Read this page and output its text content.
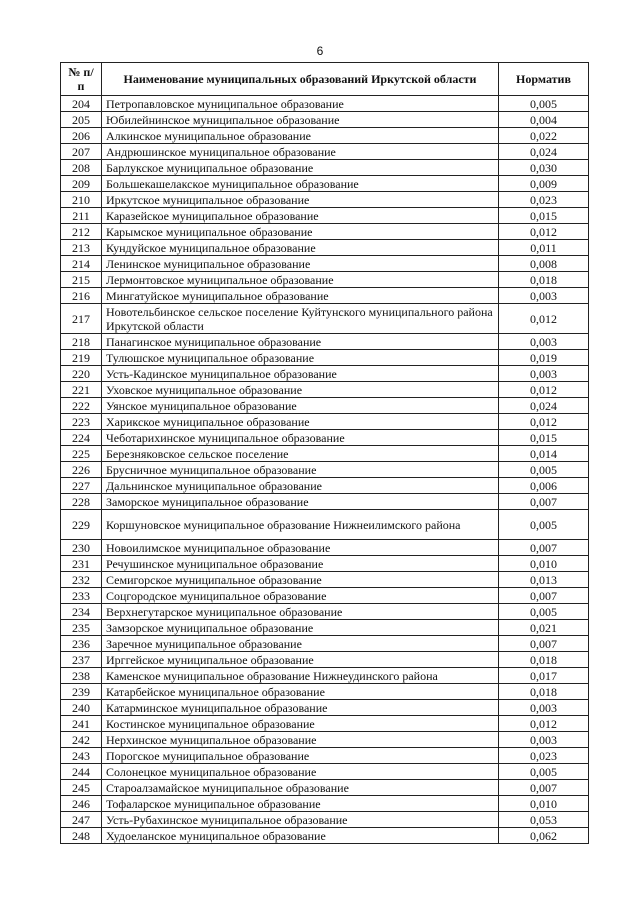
6
№ п/п	Наименование муниципальных образований Иркутской области	Норматив
204	Петропавловское муниципальное образование	0,005
205	Юбилейнинское муниципальное образование	0,004
206	Алкинское муниципальное образование	0,022
207	Андрюшинское муниципальное образование	0,024
208	Барлукское муниципальное образование	0,030
209	Большекашелакское муниципальное образование	0,009
210	Иркутское муниципальное образование	0,023
211	Каразейское муниципальное образование	0,015
212	Карымское муниципальное образование	0,012
213	Кундуйское муниципальное образование	0,011
214	Ленинское муниципальное образование	0,008
215	Лермонтовское муниципальное образование	0,018
216	Мингатуйское муниципальное образование	0,003
217	Новотельбинское сельское поселение Куйтунского муниципального района Иркутской области	0,012
218	Панагинское муниципальное образование	0,003
219	Тулюшское муниципальное образование	0,019
220	Усть-Кадинское муниципальное образование	0,003
221	Уховское муниципальное образование	0,012
222	Уянское муниципальное образование	0,024
223	Харикское муниципальное образование	0,012
224	Чеботарихинское муниципальное образование	0,015
225	Березняковское сельское поселение	0,014
226	Брусничное муниципальное образование	0,005
227	Дальнинское муниципальное образование	0,006
228	Заморское муниципальное образование	0,007
229	Коршуновское муниципальное образование Нижнеилимского района	0,005
230	Новоилимское муниципальное образование	0,007
231	Речушинское муниципальное образование	0,010
232	Семигорское муниципальное образование	0,013
233	Соцгородское муниципальное образование	0,007
234	Верхнегутарское муниципальное образование	0,005
235	Замзорское муниципальное образование	0,021
236	Заречное муниципальное образование	0,007
237	Ирггейское муниципальное образование	0,018
238	Каменское муниципальное образование Нижнеудинского района	0,017
239	Катарбейское муниципальное образование	0,018
240	Катарминское муниципальное образование	0,003
241	Костинское муниципальное образование	0,012
242	Нерхинское муниципальное образование	0,003
243	Порогское муниципальное образование	0,023
244	Солонецкое муниципальное образование	0,005
245	Староалзамайское муниципальное образование	0,007
246	Тофаларское муниципальное образование	0,010
247	Усть-Рубахинское муниципальное образование	0,053
248	Худоеланское муниципальное образование	0,062
